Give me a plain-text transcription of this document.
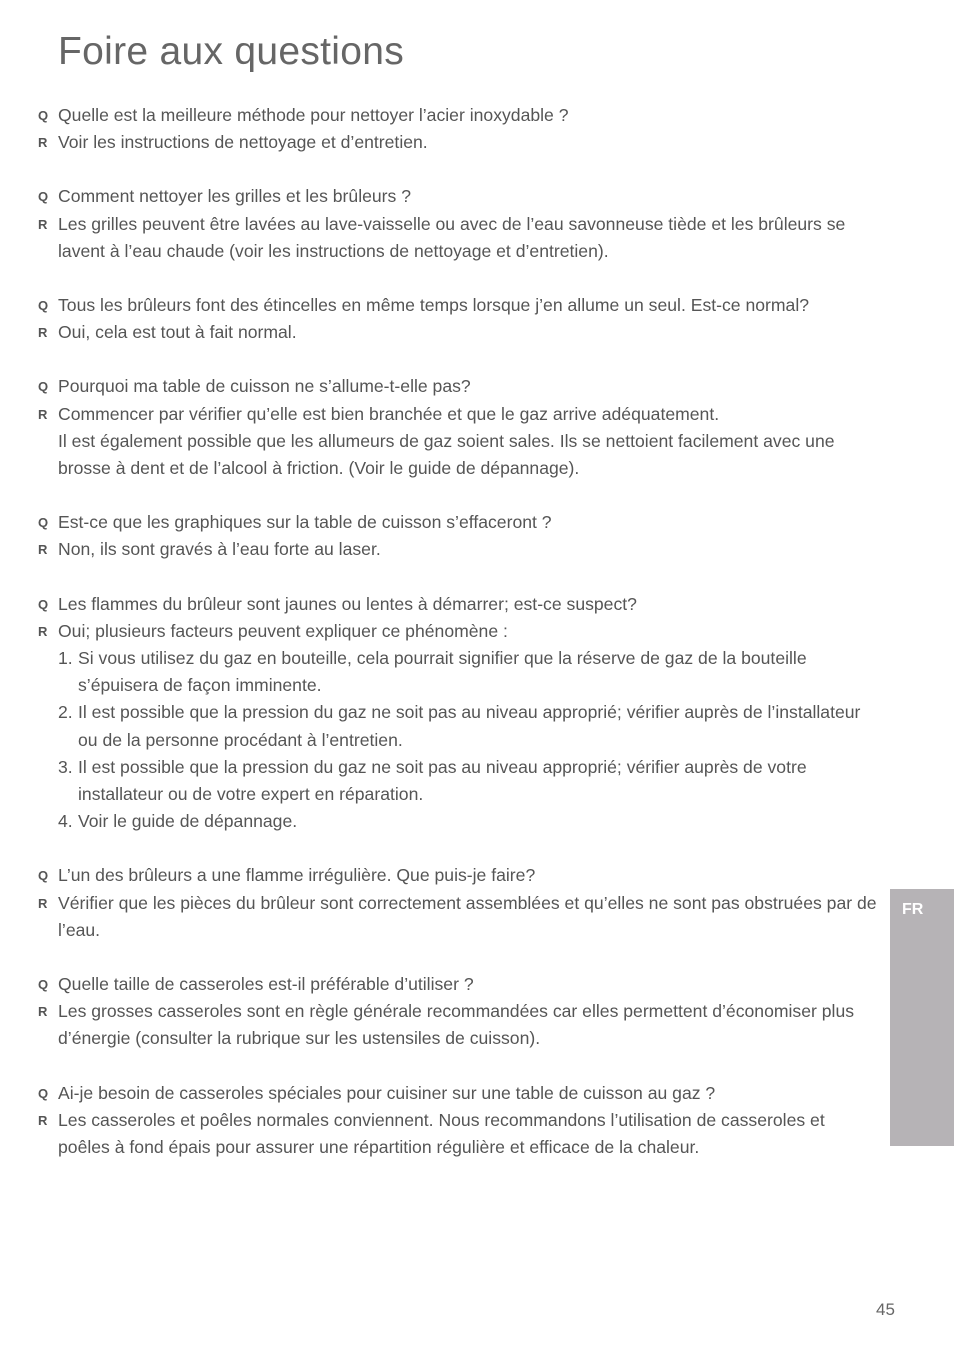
Foire aux questions
Q Quelle est la meilleure méthode pour nettoyer l’acier inoxydable ?
R Voir les instructions de nettoyage et d’entretien.
Q Comment nettoyer les grilles et les brûleurs ?
R Les grilles peuvent être lavées au lave-vaisselle ou avec de l’eau savonneuse tiède et les brûleurs se lavent à l’eau chaude (voir les instructions de nettoyage et d’entretien).
Q Tous les brûleurs font des étincelles en même temps lorsque j’en allume un seul. Est-ce normal?
R Oui, cela est tout à fait normal.
Q Pourquoi ma table de cuisson ne s’allume-t-elle pas?
R Commencer par vérifier qu’elle est bien branchée et que le gaz arrive adéquatement.
Il est également possible que les allumeurs de gaz soient sales. Ils se nettoient facilement avec une brosse à dent et de l’alcool à friction. (Voir le guide de dépannage).
Q Est-ce que les graphiques sur la table de cuisson s’effaceront ?
R Non, ils sont gravés à l’eau forte au laser.
Q Les flammes du brûleur sont jaunes ou lentes à démarrer; est-ce suspect?
R Oui; plusieurs facteurs peuvent expliquer ce phénomène :
1. Si vous utilisez du gaz en bouteille, cela pourrait signifier que la réserve de gaz de la bouteille s’épuisera de façon imminente.
2. Il est possible que la pression du gaz ne soit pas au niveau approprié; vérifier auprès de l’installateur ou de la personne procédant à l’entretien.
3. Il est possible que la pression du gaz ne soit pas au niveau approprié; vérifier auprès de votre installateur ou de votre expert en réparation.
4. Voir le guide de dépannage.
Q L’un des brûleurs a une flamme irrégulière. Que puis-je faire?
R Vérifier que les pièces du brûleur sont correctement assemblées et qu’elles ne sont pas obstruées par de l’eau.
Q Quelle taille de casseroles est-il préférable d’utiliser ?
R Les grosses casseroles sont en règle générale recommandées car elles permettent d’économiser plus d’énergie (consulter la rubrique sur les ustensiles de cuisson).
Q Ai-je besoin de casseroles spéciales pour cuisiner sur une table de cuisson au gaz ?
R Les casseroles et poêles normales conviennent. Nous recommandons l’utilisation de casseroles et poêles à fond épais pour assurer une répartition régulière et efficace de la chaleur.
FR
45
